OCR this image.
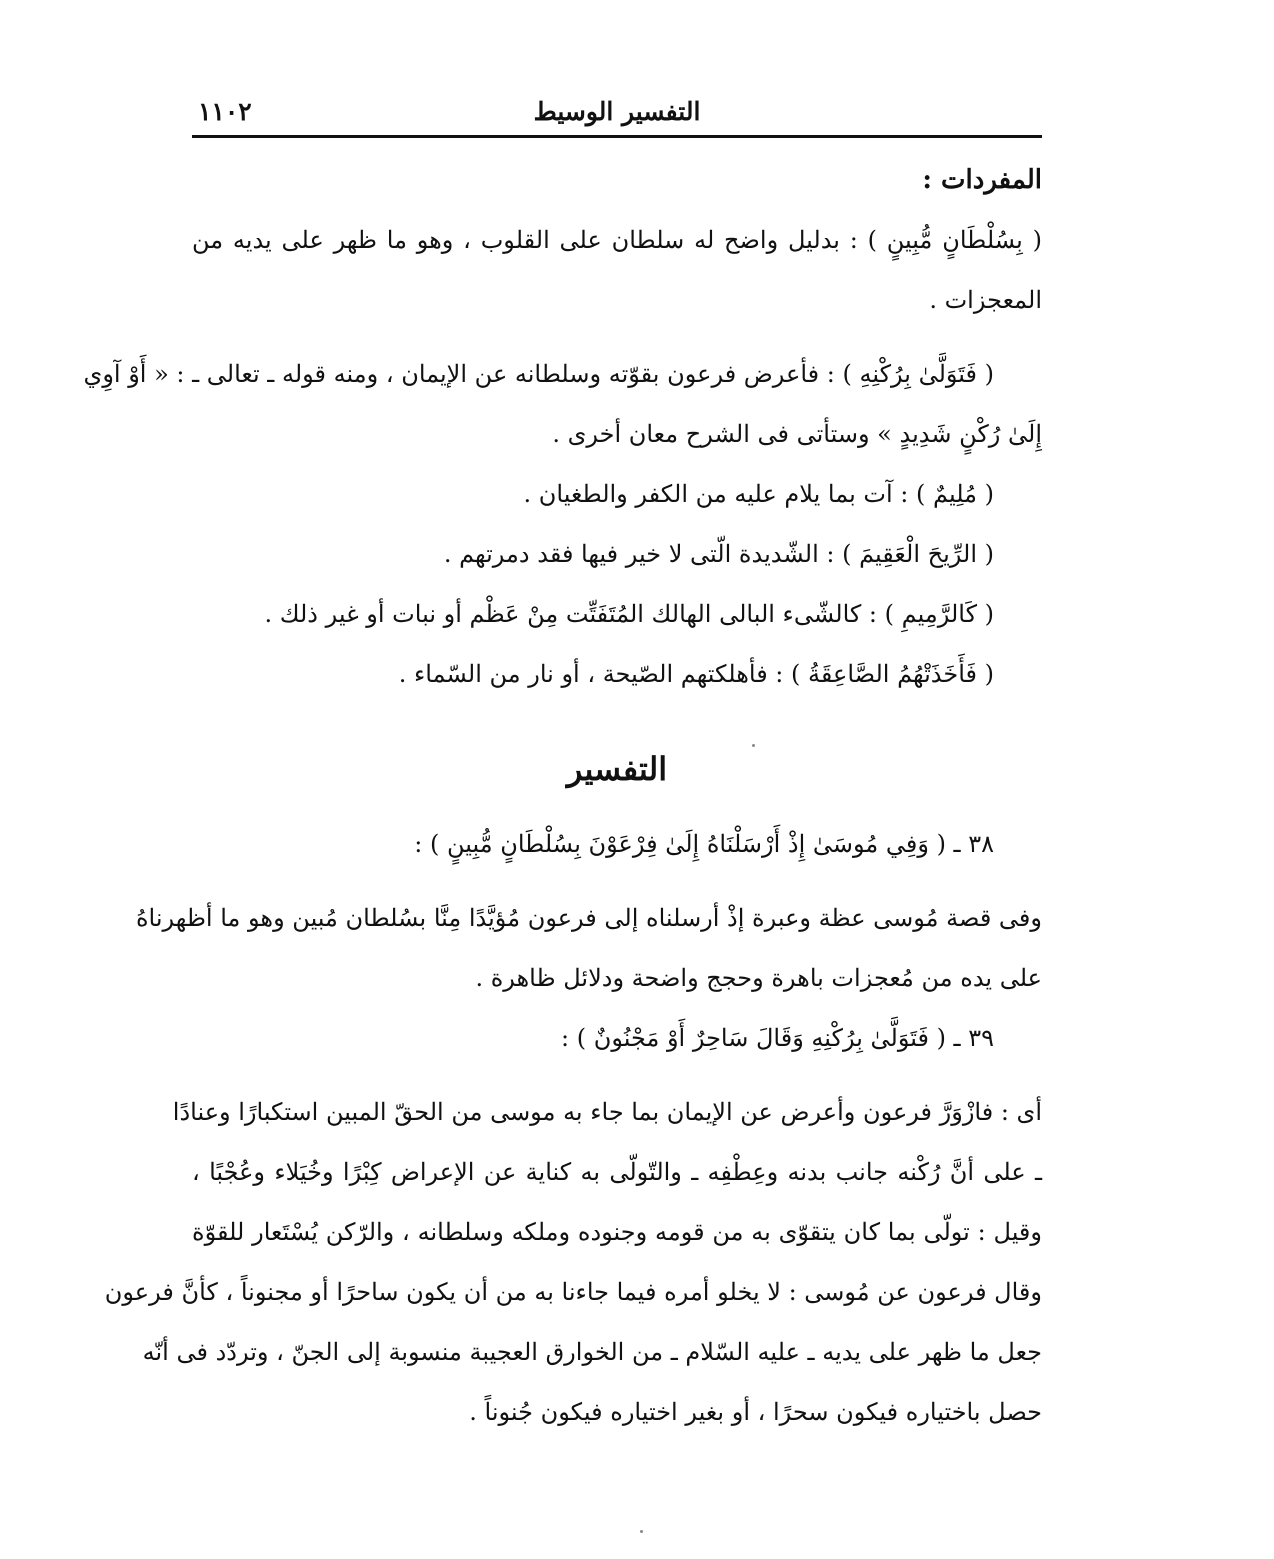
التفسير الوسيط
١١٠٢
المفردات :
( بِسُلْطَانٍ مُّبِينٍ ) : بدليل واضح له سلطان على القلوب ، وهو ما ظهر على يديه من
المعجزات .
( فَتَوَلَّىٰ بِرُكْنِهِ ) : فأعرض فرعون بقوّته وسلطانه عن الإيمان ، ومنه قوله ـ تعالى ـ : « أَوْ آوِي
إِلَىٰ رُكْنٍ شَدِيدٍ » وستأتى فى الشرح معان أخرى .
( مُلِيمٌ ) : آت بما يلام عليه من الكفر والطغيان .
( الرِّيحَ الْعَقِيمَ ) : الشّديدة الّتى لا خير فيها فقد دمرتهم .
( كَالرَّمِيمِ ) : كالشّىء البالى الهالك المُتَفَتِّت مِنْ عَظْم أو نبات أو غير ذلك .
( فَأَخَذَتْهُمُ الصَّاعِقَةُ ) : فأهلكتهم الصّيحة ، أو نار من السّماء .
التفسير
٣٨ ـ ( وَفِي مُوسَىٰ إِذْ أَرْسَلْنَاهُ إِلَىٰ فِرْعَوْنَ بِسُلْطَانٍ مُّبِينٍ ) :
وفى قصة مُوسى عظة وعبرة إذْ أرسلناه إلى فرعون مُؤيَّدًا مِنَّا بسُلطان مُبين وهو ما أظهرناهُ
على يده من مُعجزات باهرة وحجج واضحة ودلائل ظاهرة .
٣٩ ـ ( فَتَوَلَّىٰ بِرُكْنِهِ وَقَالَ سَاحِرٌ أَوْ مَجْنُونٌ ) :
أى : فازْوَرَّ فرعون وأعرض عن الإيمان بما جاء به موسى من الحقّ المبين استكبارًا وعنادًا
ـ على أنَّ رُكْنه جانب بدنه وعِطْفِه ـ والتّولّى به كناية عن الإعراض كِبْرًا وخُيَلاء وعُجْبًا ،
وقيل : تولّى بما كان يتقوّى به من قومه وجنوده وملكه وسلطانه ، والرّكن يُسْتَعار للقوّة
وقال فرعون عن مُوسى : لا يخلو أمره فيما جاءنا به من أن يكون ساحرًا أو مجنوناً ، كأنَّ فرعون
جعل ما ظهر على يديه ـ عليه السّلام ـ من الخوارق العجيبة منسوبة إلى الجنّ ، وتردّد فى أنّه
حصل باختياره فيكون سحرًا ، أو بغير اختياره فيكون جُنوناً .
